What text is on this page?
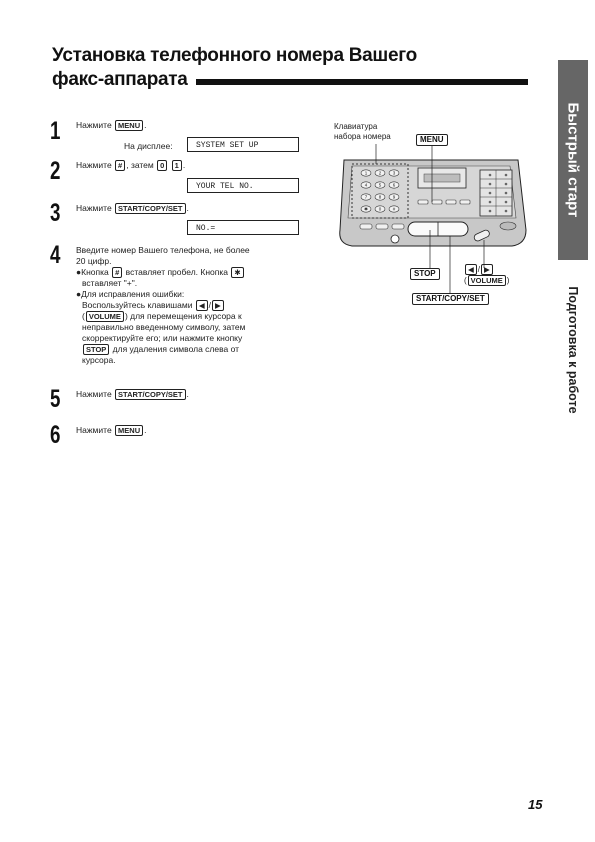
Установка телефонного номера Вашего
факс-аппарата
Быстрый старт
Подготовка к работе
1 Нажмите MENU .
На дисплее:	SYSTEM SET UP
2 Нажмите # , затем 0 1 .
YOUR TEL NO.
3 Нажмите START/COPY/SET .
NO.=
4 Введите номер Вашего телефона, не более
20 цифр.
●Кнопка # вставляет пробел. Кнопка ✱
вставляет "+".
●Для исправления ошибки:
Воспользуйтесь клавишами ◀ / ▶
( VOLUME ) для перемещения курсора к
неправильно введенному символу, затем
скорректируйте его; или нажмите кнопку
STOP для удаления символа слева от
курсора.
5 Нажмите START/COPY/SET .
6 Нажмите MENU .
Клавиатура
набора номера	MENU
1	2	3
4	5	6
7	8	9
✱ 0	#
STOP	◀ / ▶
( VOLUME )
START/COPY/SET
15
